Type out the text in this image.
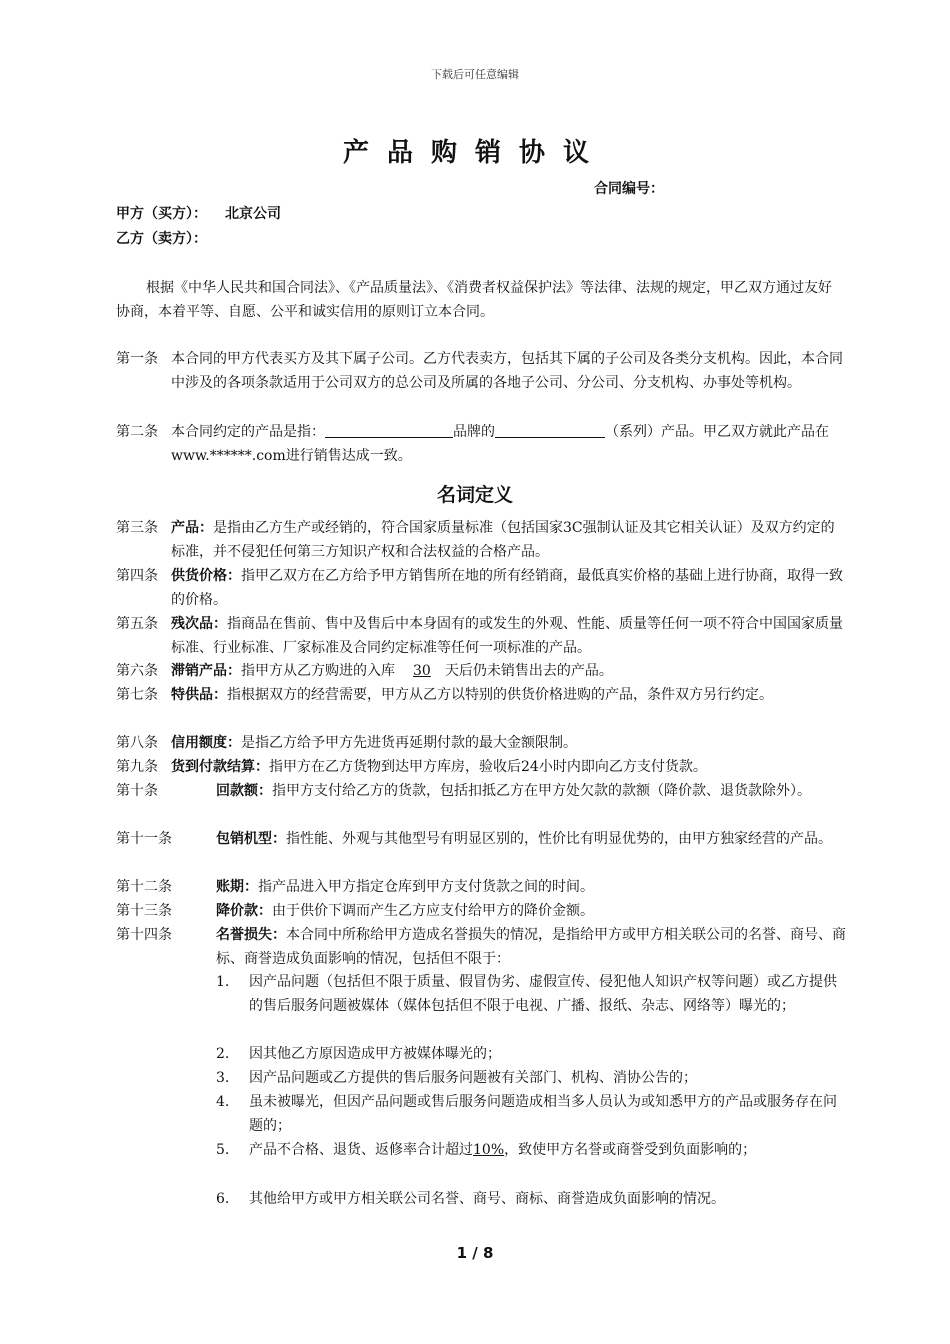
下载后可任意编辑
产品购销协议
合同编号：
甲方（买方）： 北京公司
乙方（卖方）：
根据《中华人民共和国合同法》、《产品质量法》、《消费者权益保护法》等法律、法规的规定，甲乙双方通过友好协商，本着平等、自愿、公平和诚实信用的原则订立本合同。
第一条 本合同的甲方代表买方及其下属子公司。乙方代表卖方，包括其下属的子公司及各类分支机构。因此，本合同中涉及的各项条款适用于公司双方的总公司及所属的各地子公司、分公司、分支机构、办事处等机构。
第二条 本合同约定的产品是指：	品牌的	（系列）产品。甲乙双方就此产品在www.******.com进行销售达成一致。
名词定义
第三条 产品：是指由乙方生产或经销的，符合国家质量标准（包括国家3C强制认证及其它相关认证）及双方约定的标准，并不侵犯任何第三方知识产权和合法权益的合格产品。
第四条 供货价格：指甲乙双方在乙方给予甲方销售所在地的所有经销商，最低真实价格的基础上进行协商，取得一致的价格。
第五条 残次品：指商品在售前、售中及售后中本身固有的或发生的外观、性能、质量等任何一项不符合中国国家质量标准、行业标准、厂家标准及合同约定标准等任何一项标准的产品。
第六条 滞销产品：指甲方从乙方购进的入库 30 天后仍未销售出去的产品。
第七条 特供品：指根据双方的经营需要，甲方从乙方以特别的供货价格进购的产品，条件双方另行约定。
第八条 信用额度：是指乙方给予甲方先进货再延期付款的最大金额限制。
第九条 货到付款结算：指甲方在乙方货物到达甲方库房，验收后24小时内即向乙方支付货款。
第十条	回款额：指甲方支付给乙方的货款，包括扣抵乙方在甲方处欠款的款额（降价款、退货款除外）。
第十一条	包销机型：指性能、外观与其他型号有明显区别的，性价比有明显优势的，由甲方独家经营的产品。
第十二条	账期：指产品进入甲方指定仓库到甲方支付货款之间的时间。
第十三条	降价款：由于供价下调而产生乙方应支付给甲方的降价金额。
第十四条	名誉损失：本合同中所称给甲方造成名誉损失的情况，是指给甲方或甲方相关联公司的名誉、商号、商标、商誉造成负面影响的情况，包括但不限于：
1. 因产品问题（包括但不限于质量、假冒伪劣、虚假宣传、侵犯他人知识产权等问题）或乙方提供的售后服务问题被媒体（媒体包括但不限于电视、广播、报纸、杂志、网络等）曝光的；
2. 因其他乙方原因造成甲方被媒体曝光的；
3. 因产品问题或乙方提供的售后服务问题被有关部门、机构、消协公告的；
4. 虽未被曝光，但因产品问题或售后服务问题造成相当多人员认为或知悉甲方的产品或服务存在问题的；
5. 产品不合格、退货、返修率合计超过10%，致使甲方名誉或商誉受到负面影响的；
6. 其他给甲方或甲方相关联公司名誉、商号、商标、商誉造成负面影响的情况。
1 / 8
